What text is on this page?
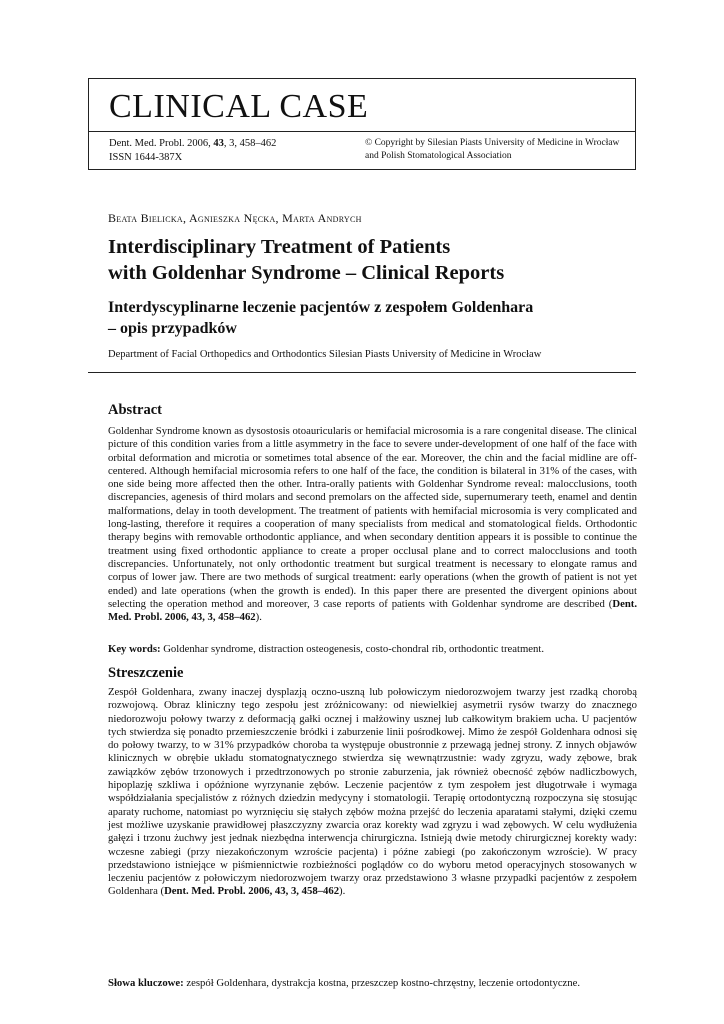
CLINICAL CASE
Dent. Med. Probl. 2006, 43, 3, 458–462
ISSN 1644-387X
© Copyright by Silesian Piasts University of Medicine in Wrocław
and Polish Stomatological Association
Beata Bielicka, Agnieszka Nęcka, Marta Andrych
Interdisciplinary Treatment of Patients
with Goldenhar Syndrome – Clinical Reports
Interdyscyplinarne leczenie pacjentów z zespołem Goldenhara
– opis przypadków
Department of Facial Orthopedics and Orthodontics Silesian Piasts University of Medicine in Wrocław
Abstract
Goldenhar Syndrome known as dysostosis otoauricularis or hemifacial microsomia is a rare congenital disease. The clinical picture of this condition varies from a little asymmetry in the face to severe under-development of one half of the face with orbital deformation and microtia or sometimes total absence of the ear. Moreover, the chin and the facial midline are off-centered. Although hemifacial microsomia refers to one half of the face, the condition is bilateral in 31% of the cases, with one side being more affected then the other. Intra-orally patients with Goldenhar Syndrome reveal: malocclusions, tooth discrepancies, agenesis of third molars and second premolars on the affected side, supernumerary teeth, enamel and dentin malformations, delay in tooth development. The treatment of patients with hemifacial microsomia is very complicated and long-lasting, therefore it requires a cooperation of many specialists from medical and stomatological fields. Orthodontic therapy begins with removable orthodontic appliance, and when secondary dentition appears it is possible to continue the treatment using fixed orthodontic appliance to create a proper occlusal plane and to correct malocclusions and tooth discrepancies. Unfortunately, not only orthodontic treatment but surgical treatment is necessary to elongate ramus and corpus of lower jaw. There are two methods of surgical treatment: early operations (when the growth of patient is not yet ended) and late operations (when the growth is ended). In this paper there are presented the divergent opinions about selecting the operation method and moreover, 3 case reports of patients with Goldenhar syndrome are described (Dent. Med. Probl. 2006, 43, 3, 458–462).
Key words: Goldenhar syndrome, distraction osteogenesis, costo-chondral rib, orthodontic treatment.
Streszczenie
Zespół Goldenhara, zwany inaczej dysplazją oczno-uszną lub połowiczym niedorozwojem twarzy jest rzadką chorobą rozwojową. Obraz kliniczny tego zespołu jest zróżnicowany: od niewielkiej asymetrii rysów twarzy do znacznego niedorozwoju połowy twarzy z deformacją gałki ocznej i małżowiny usznej lub całkowitym brakiem ucha. U pacjentów tych stwierdza się ponadto przemieszczenie bródki i zaburzenie linii pośrodkowej. Mimo że zespół Goldenhara odnosi się do połowy twarzy, to w 31% przypadków choroba ta występuje obustronnie z przewagą jednej strony. Z innych objawów klinicznych w obrębie układu stomatognatycznego stwierdza się wewnątrzustnie: wady zgryzu, wady zębowe, brak zawiązków zębów trzonowych i przedtrzonowych po stronie zaburzenia, jak również obecność zębów nadliczbowych, hipoplazję szkliwa i opóźnione wyrzynanie zębów. Leczenie pacjentów z tym zespołem jest długotrwałe i wymaga współdziałania specjalistów z różnych dziedzin medycyny i stomatologii. Terapię ortodontyczną rozpoczyna się stosując aparaty ruchome, natomiast po wyrznięciu się stałych zębów można przejść do leczenia aparatami stałymi, dzięki czemu jest możliwe uzyskanie prawidłowej płaszczyzny zwarcia oraz korekty wad zgryzu i wad zębowych. W celu wydłużenia gałęzi i trzonu żuchwy jest jednak niezbędna interwencja chirurgiczna. Istnieją dwie metody chirurgicznej korekty wady: wczesne zabiegi (przy niezakończonym wzroście pacjenta) i późne zabiegi (po zakończonym wzroście). W pracy przedstawiono istniejące w piśmiennictwie rozbieżności poglądów co do wyboru metod operacyjnych stosowanych w leczeniu pacjentów z połowiczym niedorozwojem twarzy oraz przedstawiono 3 własne przypadki pacjentów z zespołem Goldenhara (Dent. Med. Probl. 2006, 43, 3, 458–462).
Słowa kluczowe: zespół Goldenhara, dystrakcja kostna, przeszczep kostno-chrzęstny, leczenie ortodontyczne.
